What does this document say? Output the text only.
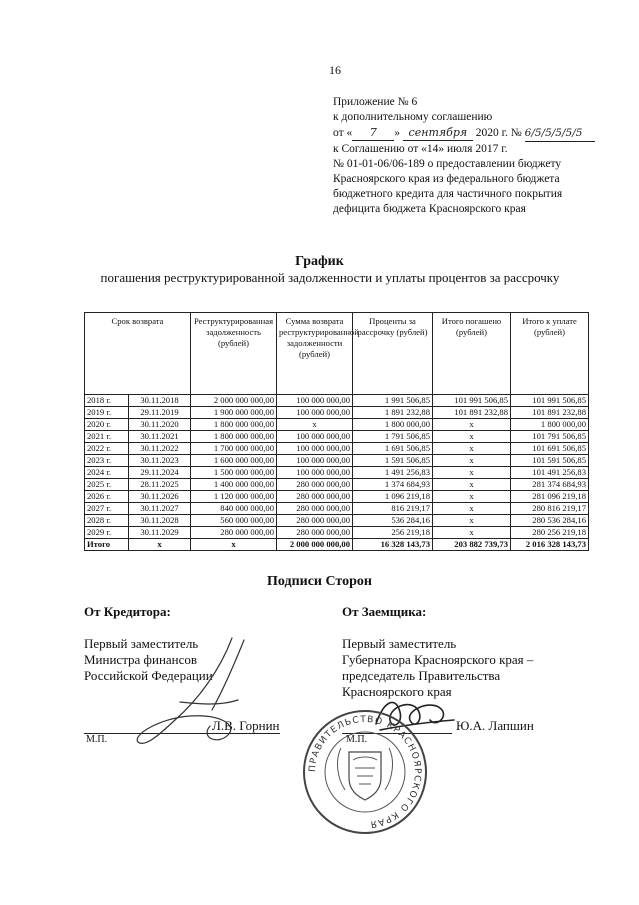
16
Приложение № 6
к дополнительному соглашению
от « 7 » сентября 2020 г. № 6/5/5/5/5/5
к Соглашению от «14» июля 2017 г.
№ 01-01-06/06-189 о предоставлении бюджету
Красноярского края из федерального бюджета
бюджетного кредита для частичного покрытия
дефицита бюджета Красноярского края
График
погашения реструктурированной задолженности и уплаты процентов за рассрочку
Срок возврата		Реструктурированная задолженность (рублей)	Сумма возврата реструктурированной задолженности (рублей)	Проценты за рассрочку (рублей)	Итого погашено (рублей)	Итого к уплате (рублей)
2018 г.	30.11.2018	2 000 000 000,00	100 000 000,00	1 991 506,85	101 991 506,85	101 991 506,85
2019 г.	29.11.2019	1 900 000 000,00	100 000 000,00	1 891 232,88	101 891 232,88	101 891 232,88
2020 г.	30.11.2020	1 800 000 000,00	х	1 800 000,00	х	1 800 000,00
2021 г.	30.11.2021	1 800 000 000,00	100 000 000,00	1 791 506,85	х	101 791 506,85
2022 г.	30.11.2022	1 700 000 000,00	100 000 000,00	1 691 506,85	х	101 691 506,85
2023 г.	30.11.2023	1 600 000 000,00	100 000 000,00	1 591 506,85	х	101 591 506,85
2024 г.	29.11.2024	1 500 000 000,00	100 000 000,00	1 491 256,83	х	101 491 256,83
2025 г.	28.11.2025	1 400 000 000,00	280 000 000,00	1 374 684,93	х	281 374 684,93
2026 г.	30.11.2026	1 120 000 000,00	280 000 000,00	1 096 219,18	х	281 096 219,18
2027 г.	30.11.2027	840 000 000,00	280 000 000,00	816 219,17	х	280 816 219,17
2028 г.	30.11.2028	560 000 000,00	280 000 000,00	536 284,16	х	280 536 284,16
2029 г.	30.11.2029	280 000 000,00	280 000 000,00	256 219,18	х	280 256 219,18
Итого	х	х	2 000 000 000,00	16 328 143,73	203 882 739,73	2 016 328 143,73
Подписи Сторон
От Кредитора:	От Заемщика:
Первый заместитель
Министра финансов
Российской Федерации
Первый заместитель
Губернатора Красноярского края –
председатель Правительства
Красноярского края
Л.В. Горнин
М.П.
Ю.А. Лапшин
М.П.
ПРАВИТЕЛЬСТВО КРАСНОЯРСКОГО КРАЯ
